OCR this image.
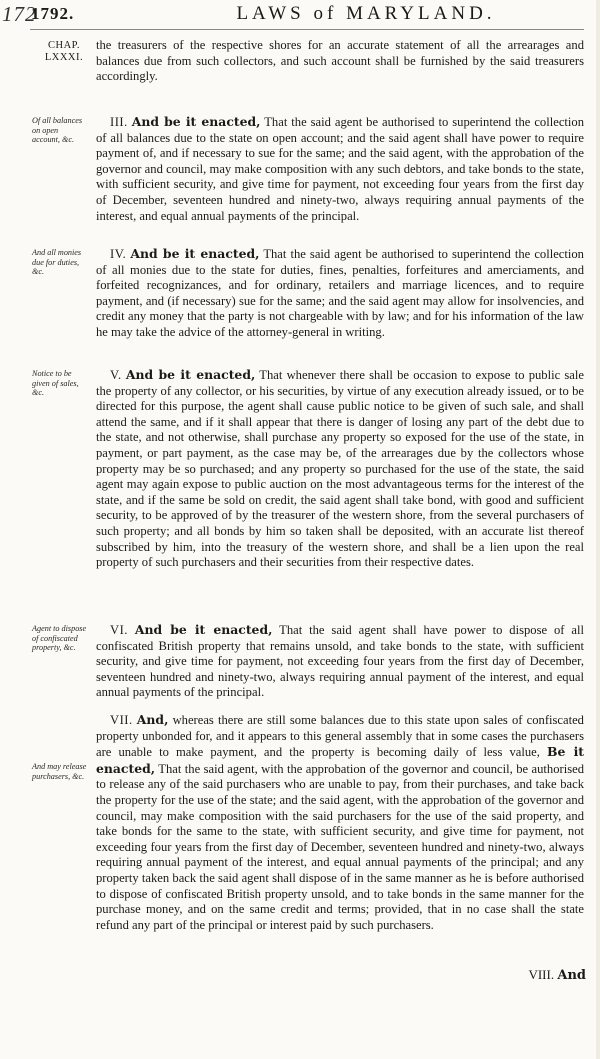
172
1792.	LAWS of MARYLAND.
CHAP.
LXXXI.
the treasurers of the respective shores for an accurate statement of all the arrearages and balances due from such collectors, and such account shall be furnished by the said treasurers accordingly.
Of all balances on open account, &c.
III. And be it enacted, That the said agent be authorised to superintend the collection of all balances due to the state on open account; and the said agent shall have power to require payment of, and if necessary to sue for the same; and the said agent, with the approbation of the governor and council, may make composition with any such debtors, and take bonds to the state, with sufficient security, and give time for payment, not exceeding four years from the first day of December, seventeen hundred and ninety-two, always requiring annual payments of the interest, and equal annual payments of the principal.
And all monies due for duties, &c.
IV. And be it enacted, That the said agent be authorised to superintend the collection of all monies due to the state for duties, fines, penalties, forfeitures and amerciaments, and forfeited recognizances, and for ordinary, retailers and marriage licences, and to require payment, and (if necessary) sue for the same; and the said agent may allow for insolvencies, and credit any money that the party is not chargeable with by law; and for his information of the law he may take the advice of the attorney-general in writing.
Notice to be given of sales, &c.
V. And be it enacted, That whenever there shall be occasion to expose to public sale the property of any collector, or his securities, by virtue of any execution already issued, or to be directed for this purpose, the agent shall cause public notice to be given of such sale, and shall attend the same, and if it shall appear that there is danger of losing any part of the debt due to the state, and not otherwise, shall purchase any property so exposed for the use of the state, in payment, or part payment, as the case may be, of the arrearages due by the collectors whose property may be so purchased; and any property so purchased for the use of the state, the said agent may again expose to public auction on the most advantageous terms for the interest of the state, and if the same be sold on credit, the said agent shall take bond, with good and sufficient security, to be approved of by the treasurer of the western shore, from the several purchasers of such property; and all bonds by him so taken shall be deposited, with an accurate list thereof subscribed by him, into the treasury of the western shore, and shall be a lien upon the real property of such purchasers and their securities from their respective dates.
Agent to dispose of confiscated property, &c.
VI. And be it enacted, That the said agent shall have power to dispose of all confiscated British property that remains unsold, and take bonds to the state, with sufficient security, and give time for payment, not exceeding four years from the first day of December, seventeen hundred and ninety-two, always requiring annual payment of the interest, and equal annual payments of the principal.
And may release purchasers, &c.
VII. And, whereas there are still some balances due to this state upon sales of confiscated property unbonded for, and it appears to this general assembly that in some cases the purchasers are unable to make payment, and the property is becoming daily of less value, Be it enacted, That the said agent, with the approbation of the governor and council, be authorised to release any of the said purchasers who are unable to pay, from their purchases, and take back the property for the use of the state; and the said agent, with the approbation of the governor and council, may make composition with the said purchasers for the use of the said property, and take bonds for the same to the state, with sufficient security, and give time for payment, not exceeding four years from the first day of December, seventeen hundred and ninety-two, always requiring annual payment of the interest, and equal annual payments of the principal; and any property taken back the said agent shall dispose of in the same manner as he is before authorised to dispose of confiscated British property unsold, and to take bonds in the same manner for the purchase money, and on the same credit and terms; provided, that in no case shall the state refund any part of the principal or interest paid by such purchasers.
VIII. And
